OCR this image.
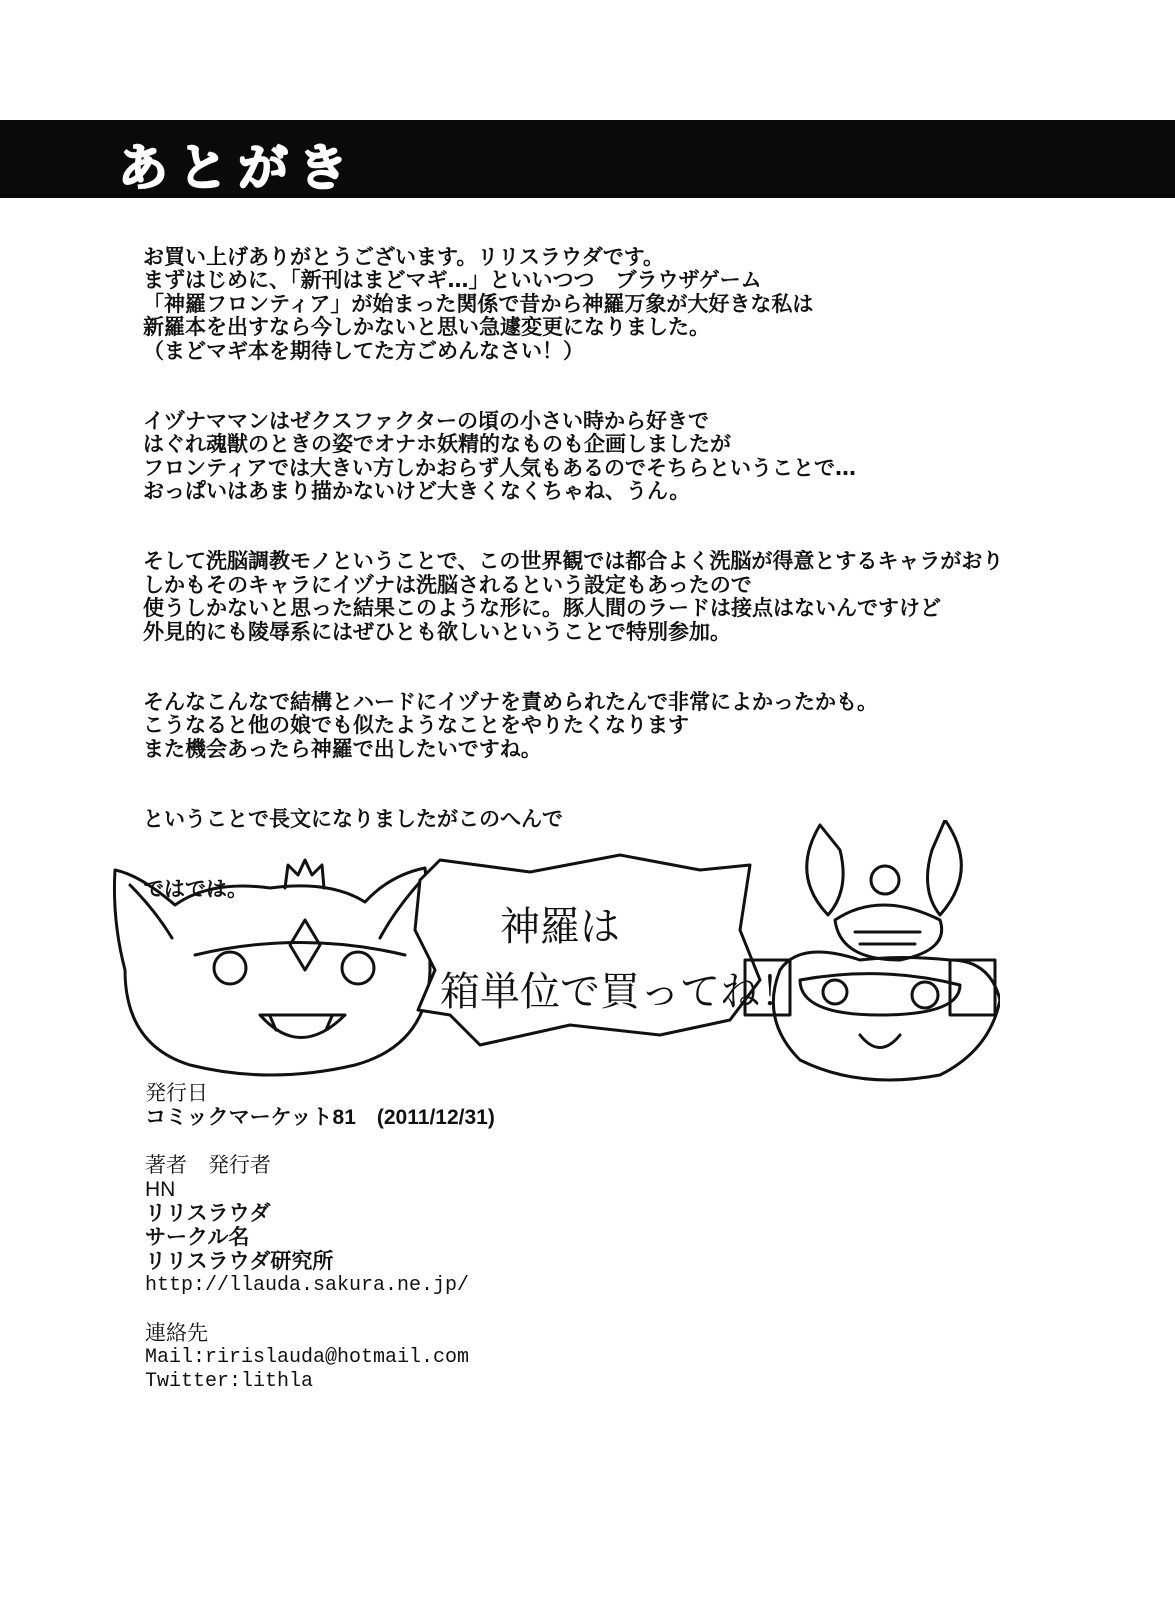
あとがき

お買い上げありがとうございます。リリスラウダです。
まずはじめに、「新刊はまどマギ…」といいつつ　ブラウザゲーム
「神羅フロンティア」が始まった関係で昔から神羅万象が大好きな私は
新羅本を出すなら今しかないと思い急遽変更になりました。
（まどマギ本を期待してた方ごめんなさい！）

イヅナママンはゼクスファクターの頃の小さい時から好きで
はぐれ魂獣のときの姿でオナホ妖精的なものも企画しましたが
フロンティアでは大きい方しかおらず人気もあるのでそちらということで…
おっぱいはあまり描かないけど大きくなくちゃね、うん。

そして洗脳調教モノということで、この世界観では都合よく洗脳が得意とするキャラがおり
しかもそのキャラにイヅナは洗脳されるという設定もあったので
使うしかないと思った結果このような形に。豚人間のラードは接点はないんですけど
外見的にも陵辱系にはぜひとも欲しいということで特別参加。

そんなこんなで結構とハードにイヅナを責められたんで非常によかったかも。
こうなると他の娘でも似たようなことをやりたくなります
また機会あったら神羅で出したいですね。

ということで長文になりましたがこのへんで

ではでは。

神羅は
箱単位で買ってね！
発行日
コミックマーケット81　(2011/12/31)
著者　発行者
HN
リリスラウダ
サークル名
リリスラウダ研究所
http://llauda.sakura.ne.jp/
連絡先
Mail:ririslauda@hotmail.com
Twitter:lithla
